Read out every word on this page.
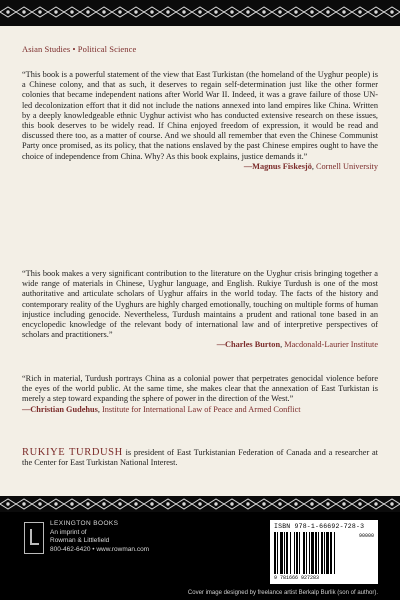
Asian Studies • Political Science
“This book is a powerful statement of the view that East Turkistan (the homeland of the Uyghur people) is a Chinese colony, and that as such, it deserves to regain self-determination just like the other former colonies that became independent nations after World War II. Indeed, it was a grave failure of those UN-led decolonization effort that it did not include the nations annexed into land empires like China. Written by a deeply knowledgeable ethnic Uyghur activist who has conducted extensive research on these issues, this book deserves to be widely read. If China enjoyed freedom of expression, it would be read and discussed there too, as a matter of course. And we should all remember that even the Chinese Communist Party once promised, as its policy, that the nations enslaved by the past Chinese empires ought to have the choice of independence from China. Why? As this book explains, justice demands it.”
—Magnus Fiskesjö, Cornell University
“This book makes a very significant contribution to the literature on the Uyghur crisis bringing together a wide range of materials in Chinese, Uyghur language, and English. Rukiye Turdush is one of the most authoritative and articulate scholars of Uyghur affairs in the world today. The facts of the history and contemporary reality of the Uyghurs are highly charged emotionally, touching on multiple forms of human injustice including genocide. Nevertheless, Turdush maintains a prudent and rational tone based in an encyclopedic knowledge of the relevant body of international law and of interpretive perspectives of scholars and practitioners.”
—Charles Burton, Macdonald-Laurier Institute
“Rich in material, Turdush portrays China as a colonial power that perpetrates genocidal violence before the eyes of the world public. At the same time, she makes clear that the annexation of East Turkistan is merely a step toward expanding the sphere of power in the direction of the West.”
—Christian Gudehus, Institute for International Law of Peace and Armed Conflict
RUKIYE TURDUSH is president of East Turkistanian Federation of Canada and a researcher at the Center for East Turkistan National Interest.
LEXINGTON BOOKS
An imprint of
Rowman & Littlefield
800-462-6420 • www.rowman.com
ISBN 978-1-66692-728-3
90000
9 781666 927283
Cover image designed by freelance artist Berkalp Burlik (son of author).
